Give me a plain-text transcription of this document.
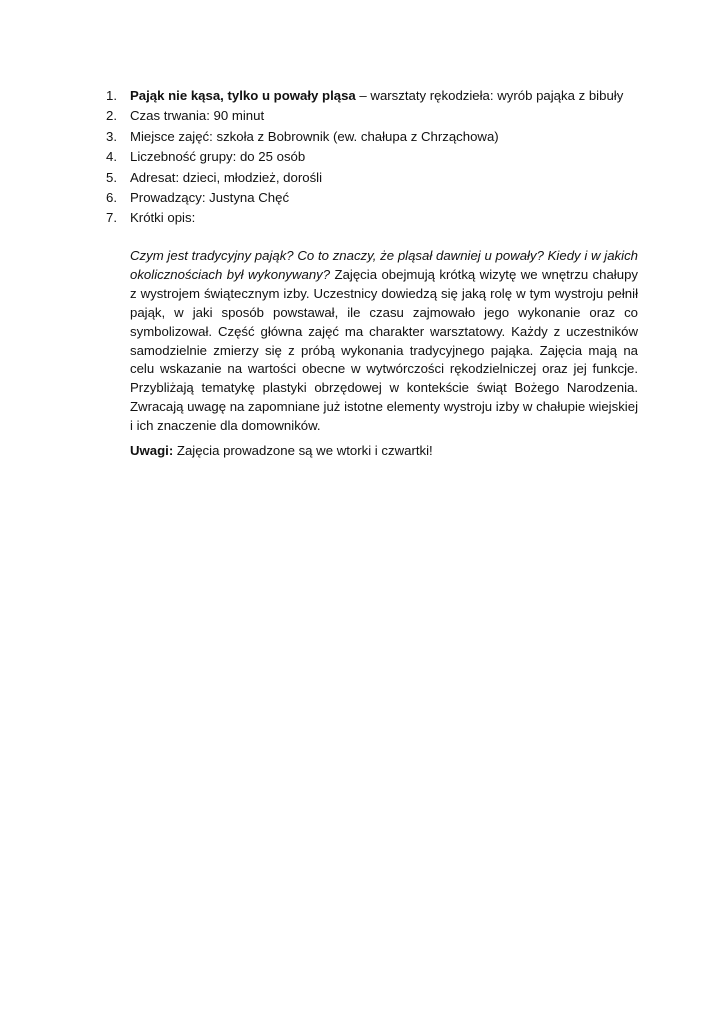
1. Pająk nie kąsa, tylko u powały pląsa – warsztaty rękodzieła: wyrób pająka z bibuły
2. Czas trwania: 90 minut
3. Miejsce zajęć: szkoła z Bobrownik (ew. chałupa z Chrząchowa)
4. Liczebność grupy: do 25 osób
5. Adresat: dzieci, młodzież, dorośli
6. Prowadzący: Justyna Chęć
7. Krótki opis:

Czym jest tradycyjny pająk? Co to znaczy, że pląsał dawniej u powały? Kiedy i w jakich okolicznościach był wykonywany? Zajęcia obejmują krótką wizytę we wnętrzu chałupy z wystrojem świątecznym izby. Uczestnicy dowiedzą się jaką rolę w tym wystroju pełnił pająk, w jaki sposób powstawał, ile czasu zajmowało jego wykonanie oraz co symbolizował. Część główna zajęć ma charakter warsztatowy. Każdy z uczestników samodzielnie zmierzy się z próbą wykonania tradycyjnego pająka. Zajęcia mają na celu wskazanie na wartości obecne w wytwórczości rękodzielniczej oraz jej funkcje. Przybliżają tematykę plastyki obrzędowej w kontekście świąt Bożego Narodzenia. Zwracają uwagę na zapomniane już istotne elementy wystroju izby w chałupie wiejskiej i ich znaczenie dla domowników.

Uwagi: Zajęcia prowadzone są we wtorki i czwartki!
